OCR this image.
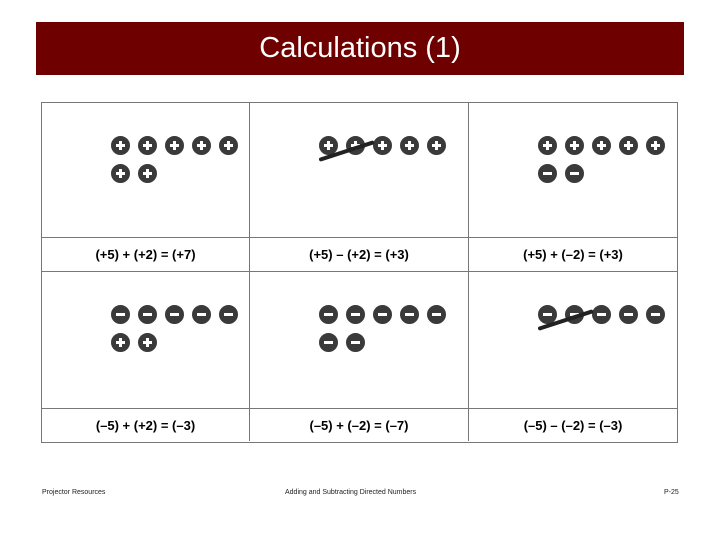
Calculations (1)
(+5) + (+2) = (+7)	(+5) – (+2) = (+3)	(+5) + (–2) = (+3)
(–5) + (+2) = (–3)	(–5) + (–2) = (–7)	(–5) – (–2) = (–3)
Projector Resources	Adding and Subtracting Directed Numbers	P-25
